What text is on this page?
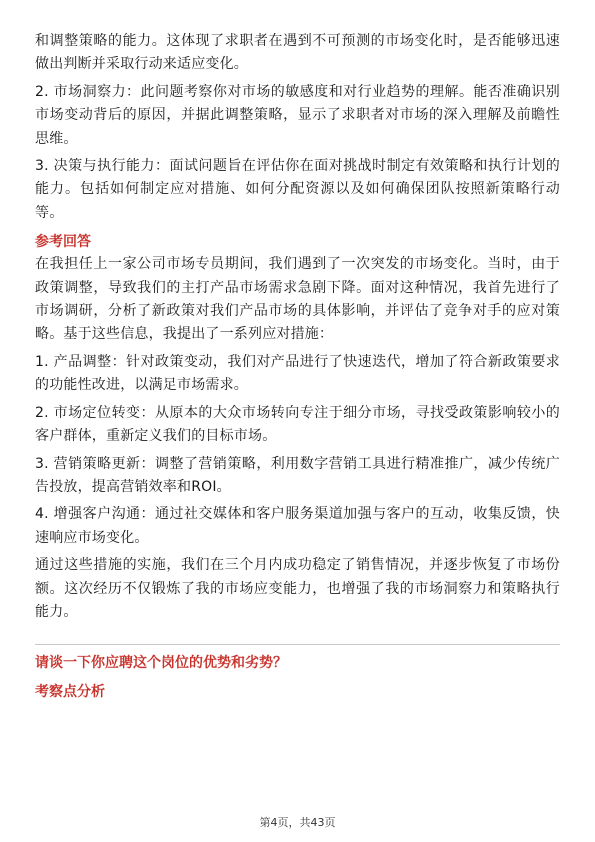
和调整策略的能力。这体现了求职者在遇到不可预测的市场变化时，是否能够迅速做出判断并采取行动来适应变化。

2. 市场洞察力：此问题考察你对市场的敏感度和对行业趋势的理解。能否准确识别市场变动背后的原因，并据此调整策略，显示了求职者对市场的深入理解及前瞻性思维。

3. 决策与执行能力：面试问题旨在评估你在面对挑战时制定有效策略和执行计划的能力。包括如何制定应对措施、如何分配资源以及如何确保团队按照新策略行动等。

参考回答

在我担任上一家公司市场专员期间，我们遇到了一次突发的市场变化。当时，由于政策调整，导致我们的主打产品市场需求急剧下降。面对这种情况，我首先进行了市场调研，分析了新政策对我们产品市场的具体影响，并评估了竞争对手的应对策略。基于这些信息，我提出了一系列应对措施：

1. 产品调整：针对政策变动，我们对产品进行了快速迭代，增加了符合新政策要求的功能性改进，以满足市场需求。

2. 市场定位转变：从原本的大众市场转向专注于细分市场，寻找受政策影响较小的客户群体，重新定义我们的目标市场。

3. 营销策略更新：调整了营销策略，利用数字营销工具进行精准推广，减少传统广告投放，提高营销效率和ROI。

4. 增强客户沟通：通过社交媒体和客户服务渠道加强与客户的互动，收集反馈，快速响应市场变化。

通过这些措施的实施，我们在三个月内成功稳定了销售情况，并逐步恢复了市场份额。这次经历不仅锻炼了我的市场应变能力，也增强了我的市场洞察力和策略执行能力。

请谈一下你应聘这个岗位的优势和劣势？
考察点分析
第4页，共43页
